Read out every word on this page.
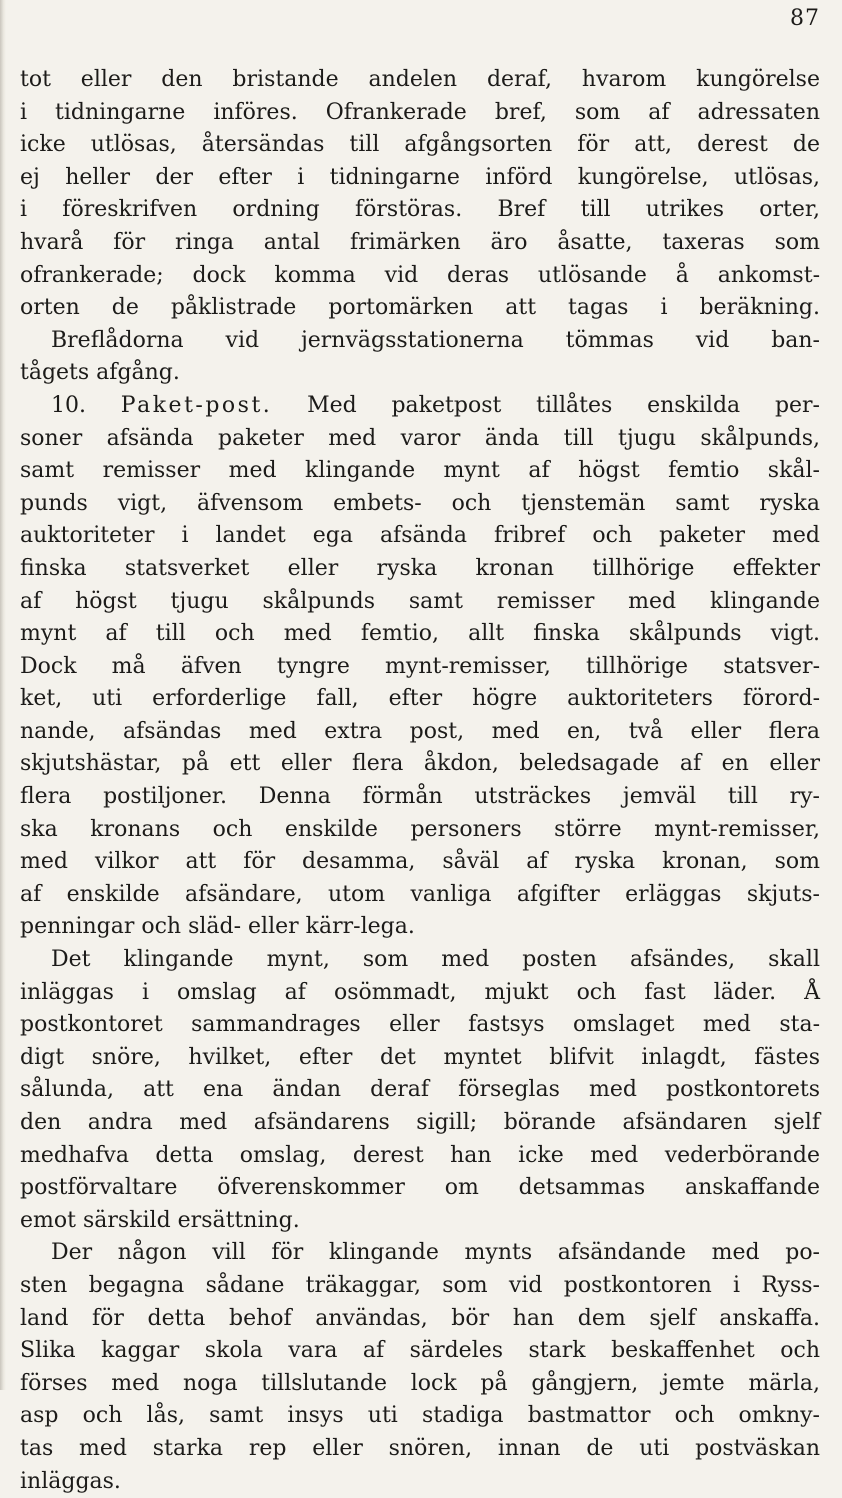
87
tot eller den bristande andelen deraf, hvarom kungörelse
i tidningarne införes. Ofrankerade bref, som af adressaten
icke utlösas, återsändas till afgångsorten för att, derest de
ej heller der efter i tidningarne införd kungörelse, utlösas,
i föreskrifven ordning förstöras. Bref till utrikes orter,
hvarå för ringa antal frimärken äro åsatte, taxeras som
ofrankerade; dock komma vid deras utlösande å ankomst-
orten de påklistrade portomärken att tagas i beräkning.
Breflådorna vid jernvägsstationerna tömmas vid ban-
tågets afgång.
10. Paket-post. Med paketpost tillåtes enskilda per-
soner afsända paketer med varor ända till tjugu skålpunds,
samt remisser med klingande mynt af högst femtio skål-
punds vigt, äfvensom embets- och tjenstemän samt ryska
auktoriteter i landet ega afsända fribref och paketer med
finska statsverket eller ryska kronan tillhörige effekter
af högst tjugu skålpunds samt remisser med klingande
mynt af till och med femtio, allt finska skålpunds vigt.
Dock må äfven tyngre mynt-remisser, tillhörige statsver-
ket, uti erforderlige fall, efter högre auktoriteters förord-
nande, afsändas med extra post, med en, två eller flera
skjutshästar, på ett eller flera åkdon, beledsagade af en eller
flera postiljoner. Denna förmån utsträckes jemväl till ry-
ska kronans och enskilde personers större mynt-remisser,
med vilkor att för desamma, såväl af ryska kronan, som
af enskilde afsändare, utom vanliga afgifter erläggas skjuts-
penningar och släd- eller kärr-lega.
Det klingande mynt, som med posten afsändes, skall
inläggas i omslag af osömmadt, mjukt och fast läder. Å
postkontoret sammandrages eller fastsys omslaget med sta-
digt snöre, hvilket, efter det myntet blifvit inlagdt, fästes
sålunda, att ena ändan deraf förseglas med postkontorets
den andra med afsändarens sigill; börande afsändaren sjelf
medhafva detta omslag, derest han icke med vederbörande
postförvaltare öfverenskommer om detsammas anskaffande
emot särskild ersättning.
Der någon vill för klingande mynts afsändande med po-
sten begagna sådane träkaggar, som vid postkontoren i Ryss-
land för detta behof användas, bör han dem sjelf anskaffa.
Slika kaggar skola vara af särdeles stark beskaffenhet och
förses med noga tillslutande lock på gångjern, jemte märla,
asp och lås, samt insys uti stadiga bastmattor och omkny-
tas med starka rep eller snören, innan de uti postväskan
inläggas.
